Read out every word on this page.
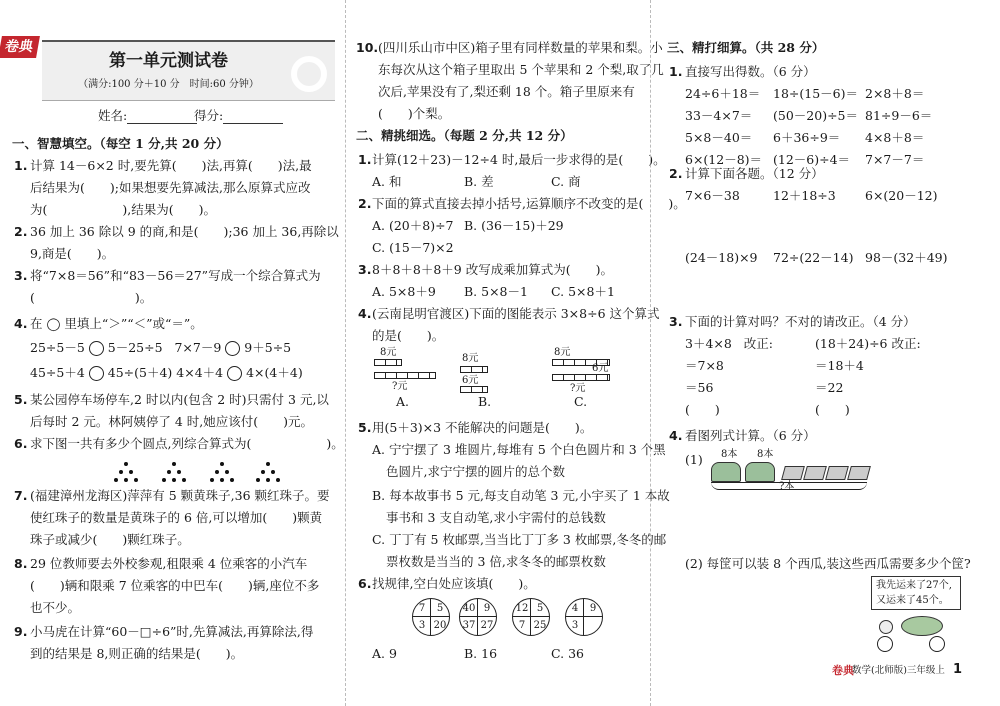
卷典
第一单元测试卷
（满分:100 分＋10 分　时间:60 分钟）
姓名:	得分:
一、智慧填空。（每空 1 分,共 20 分）
1. 计算 14－6×2 时,要先算(　　)法,再算(　　)法,最
后结果为(　　);如果想要先算减法,那么原算式应改
为(　　　　　　),结果为(　　)。
2. 36 加上 36 除以 9 的商,和是(　　);36 加上 36,再除以
9,商是(　　)。
3. 将“7×8＝56”和“83－56＝27”写成一个综合算式为
(　　　　　　　　)。
4. 在 ◯ 里填上“＞”“＜”或“＝”。
25÷5－5 5－25÷5 7×7－9 9＋5÷5
45÷5＋4 45÷(5＋4) 4×4＋4 4×(4＋4)
5. 某公园停车场停车,2 时以内(包含 2 时)只需付 3 元,以
后每时 2 元。林阿姨停了 4 时,她应该付(　　)元。
6. 求下图一共有多少个圆点,列综合算式为(　　　　　　)。
7. (福建漳州龙海区)萍萍有 5 颗黄珠子,36 颗红珠子。要
使红珠子的数量是黄珠子的 6 倍,可以增加(　　)颗黄
珠子或减少(　　)颗红珠子。
8. 29 位教师要去外校参观,租限乘 4 位乘客的小汽车
(　　)辆和限乘 7 位乘客的中巴车(　　)辆,座位不多
也不少。
9. 小马虎在计算“60－□÷6”时,先算减法,再算除法,得
到的结果是 8,则正确的结果是(　　)。
10. (四川乐山市中区)箱子里有同样数量的苹果和梨。小
东每次从这个箱子里取出 5 个苹果和 2 个梨,取了几
次后,苹果没有了,梨还剩 18 个。箱子里原来有
(　　)个梨。
二、精挑细选。（每题 2 分,共 12 分）
1. 计算(12＋23)－12÷4 时,最后一步求得的是(　　)。
A. 和	B. 差	C. 商
2. 下面的算式直接去掉小括号,运算顺序不改变的是(　　)。
A. (20＋8)÷7 B. (36－15)＋29
C. (15－7)×2
3. 8＋8＋8＋8＋9 改写成乘加算式为(　　)。
A. 5×8＋9 B. 5×8－1 C. 5×8＋1
4. (云南昆明官渡区)下面的图能表示 3×8÷6 这个算式
的是(　　)。
8元
?元
A.
8元
6元
B.
8元
6元
?元
C.
5. 用(5＋3)×3 不能解决的问题是(　　)。
A. 宁宁摆了 3 堆圆片,每堆有 5 个白色圆片和 3 个黑
色圆片,求宁宁摆的圆片的总个数
B. 每本故事书 5 元,每支自动笔 3 元,小宇买了 1 本故
事书和 3 支自动笔,求小宇需付的总钱数
C. 丁丁有 5 枚邮票,当当比丁丁多 3 枚邮票,冬冬的邮
票枚数是当当的 3 倍,求冬冬的邮票枚数
6. 找规律,空白处应该填(　　)。
7	5
3 20
40 9
37 27
12 5
7 25
4	9
3
A. 9	B. 16	C. 36
三、精打细算。（共 28 分）
1. 直接写出得数。（6 分）
24÷6＋18＝ 18÷(15－6)＝ 2×8＋8＝
33－4×7＝ (50－20)÷5＝ 81÷9－6＝
5×8－40＝ 6＋36÷9＝ 4×8＋8＝
6×(12－8)＝ (12－6)÷4＝ 7×7－7＝
2. 计算下面各题。（12 分）
7×6－38	12＋18÷3 6×(20－12)
(24－18)×9 72÷(22－14) 98－(32＋49)
3. 下面的计算对吗？不对的请改正。（4 分）
3＋4×8 改正:
＝7×8
＝56
(　　)
(18＋24)÷6 改正:
＝18＋4
＝22
(　　)
4. 看图列式计算。（6 分）
(1) 8本 8本
?本
(2) 每筐可以装 8 个西瓜,装这些西瓜需要多少个筐?
我先运来了27个,
又运来了45个。
卷典
数学(北师版)三年级上 1
